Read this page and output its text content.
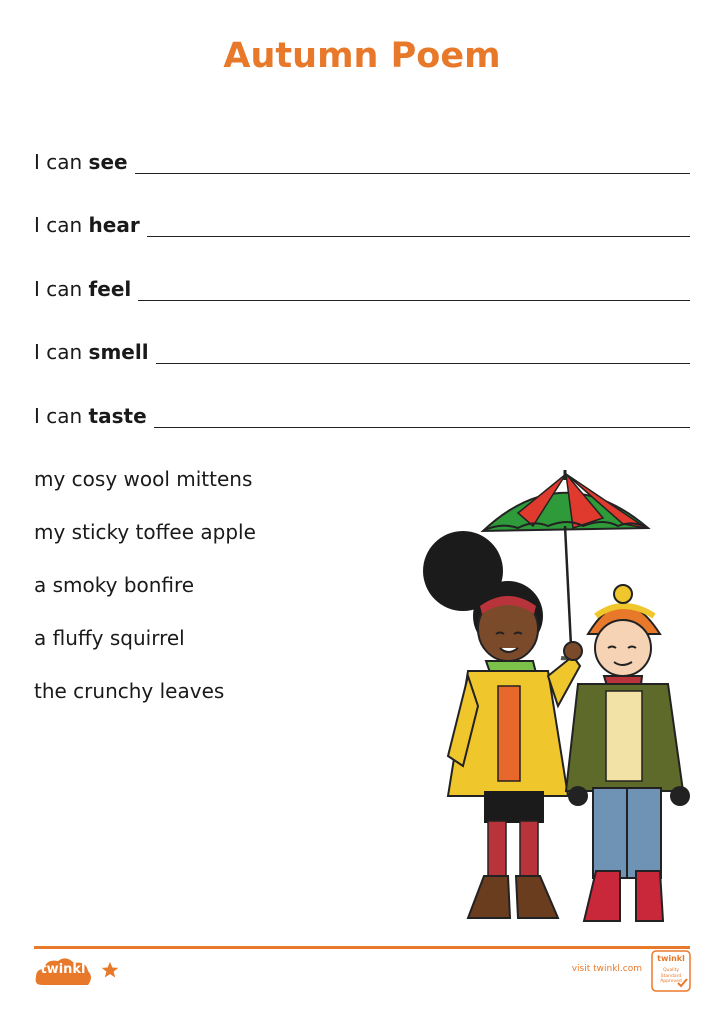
Autumn Poem
I can see
I can hear
I can feel
I can smell
I can taste
my cosy wool mittens
my sticky toffee apple
a smoky bonfire
a fluffy squirrel
the crunchy leaves
twinkl	visit twinkl.com
twinkl
Quality Standard Approved
